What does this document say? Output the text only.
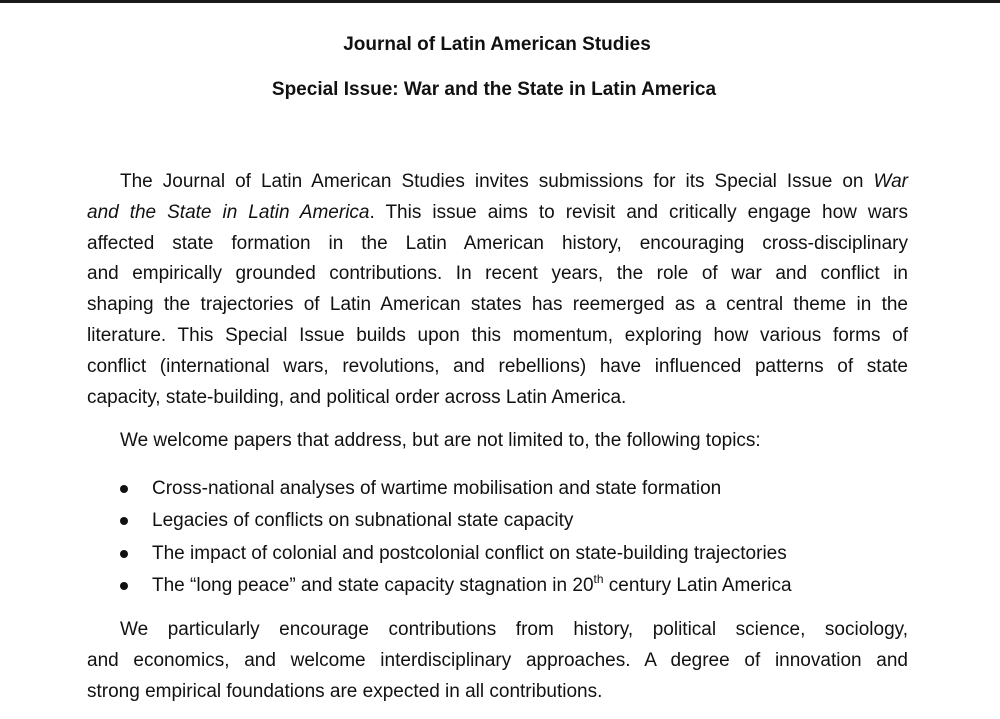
Journal of Latin American Studies
Special Issue: War and the State in Latin America

The Journal of Latin American Studies invites submissions for its Special Issue on War
and the State in Latin America. This issue aims to revisit and critically engage how wars
affected state formation in the Latin American history, encouraging cross-disciplinary
and empirically grounded contributions. In recent years, the role of war and conflict in
shaping the trajectories of Latin American states has reemerged as a central theme in the
literature. This Special Issue builds upon this momentum, exploring how various forms of
conflict (international wars, revolutions, and rebellions) have influenced patterns of state
capacity, state-building, and political order across Latin America.

We welcome papers that address, but are not limited to, the following topics:

Cross-national analyses of wartime mobilisation and state formation
Legacies of conflicts on subnational state capacity
The impact of colonial and postcolonial conflict on state-building trajectories
The “long peace” and state capacity stagnation in 20th century Latin America

We particularly encourage contributions from history, political science, sociology,
and economics, and welcome interdisciplinary approaches. A degree of innovation and
strong empirical foundations are expected in all contributions.
